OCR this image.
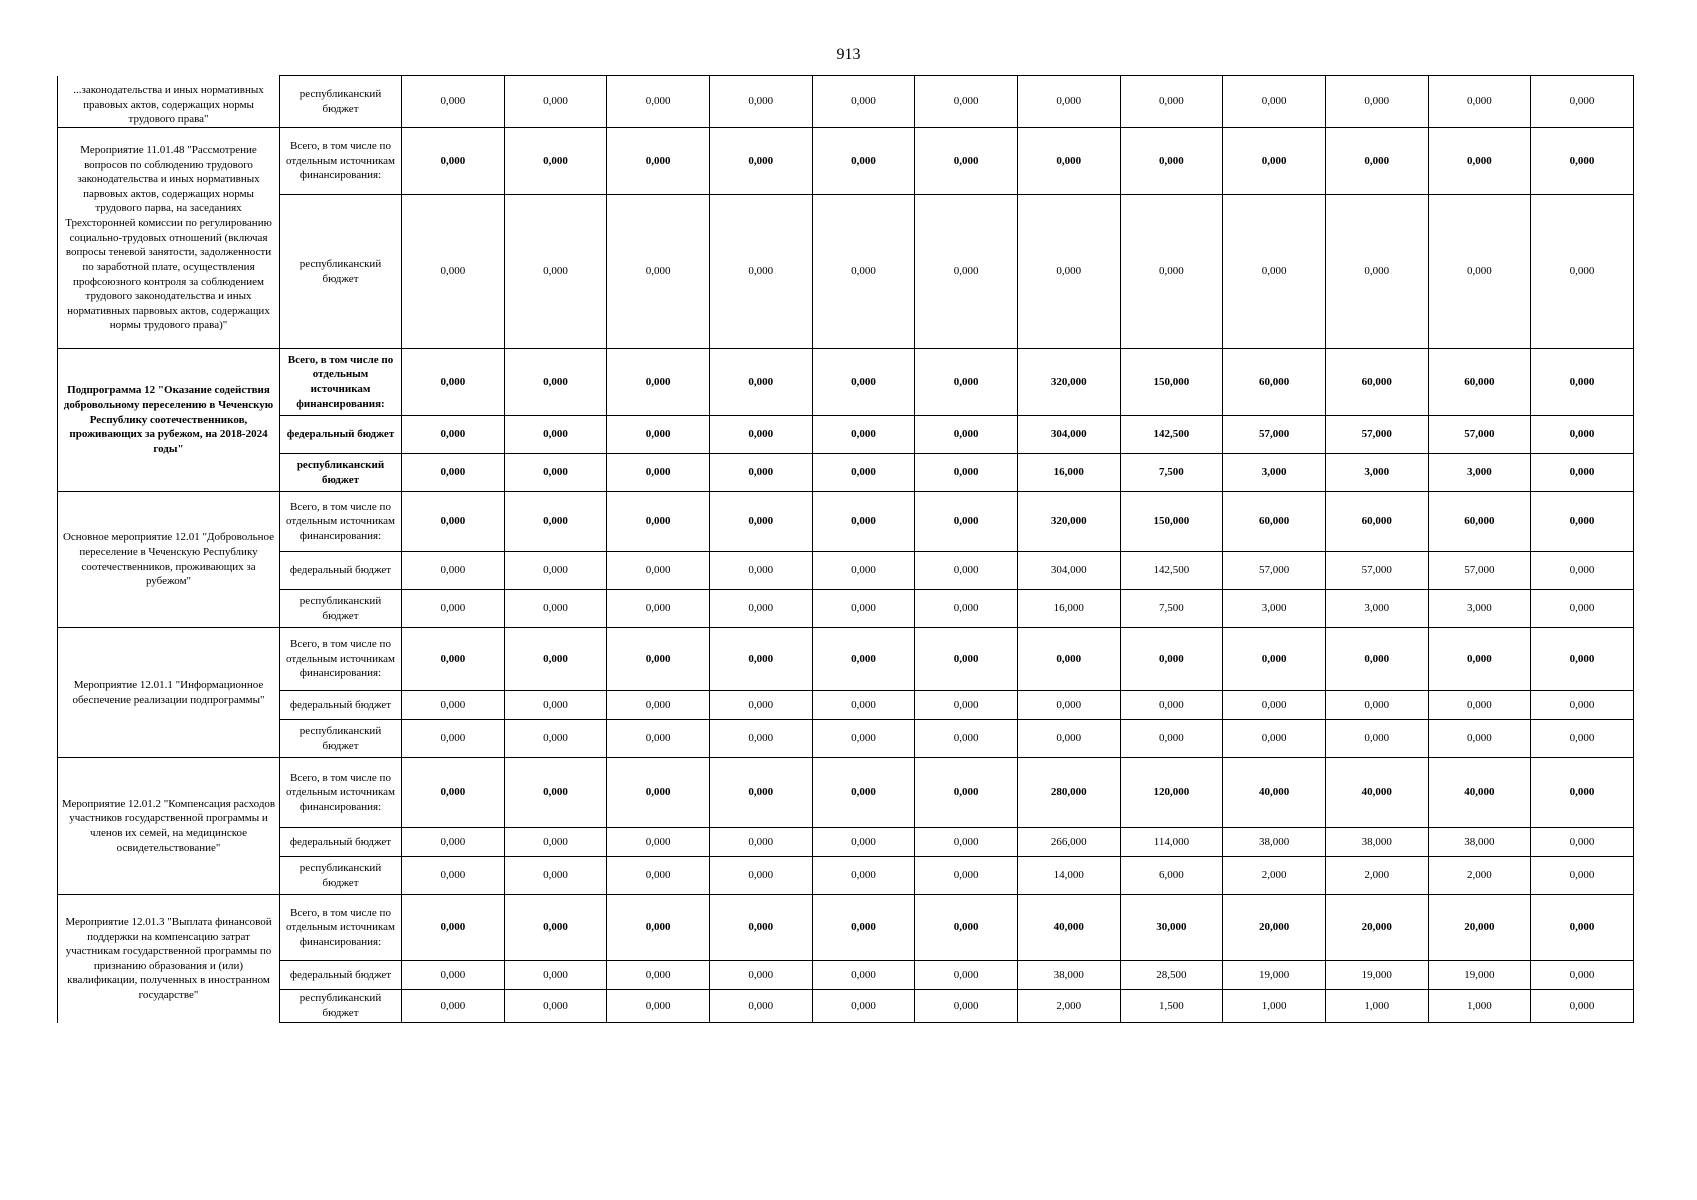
913
...законодательства и иных нормативных правовых актов, содержащих нормы трудового права"	республиканский бюджет	0,000	0,000	0,000	0,000	0,000	0,000	0,000	0,000	0,000	0,000	0,000	0,000
Мероприятие 11.01.48 "Рассмотрение вопросов по соблюдению трудового законодательства и иных нормативных парвовых актов, содержащих нормы трудового парва, на заседаниях Трехсторонней комиссии по регулированию социально-трудовых отношений (включая вопросы теневой занятости, задолженности по заработной плате, осуществления профсоюзного контроля за соблюдением трудового законодательства и иных нормативных парвовых актов, содержащих нормы трудового права)"	Всего, в том числе по отдельным источникам финансирования:	0,000	0,000	0,000	0,000	0,000	0,000	0,000	0,000	0,000	0,000	0,000	0,000
	республиканский бюджет	0,000	0,000	0,000	0,000	0,000	0,000	0,000	0,000	0,000	0,000	0,000	0,000
Подпрограмма 12 "Оказание содействия добровольному переселению в Чеченскую Республику соотечественников, проживающих за рубежом, на 2018-2024 годы"	Всего, в том числе по отдельным источникам финансирования:	0,000	0,000	0,000	0,000	0,000	0,000	320,000	150,000	60,000	60,000	60,000	0,000
	федеральный бюджет	0,000	0,000	0,000	0,000	0,000	0,000	304,000	142,500	57,000	57,000	57,000	0,000
	республиканский бюджет	0,000	0,000	0,000	0,000	0,000	0,000	16,000	7,500	3,000	3,000	3,000	0,000
Основное мероприятие 12.01 "Добровольное переселение в Чеченскую Республику соотечественников, проживающих за рубежом"	Всего, в том числе по отдельным источникам финансирования:	0,000	0,000	0,000	0,000	0,000	0,000	320,000	150,000	60,000	60,000	60,000	0,000
	федеральный бюджет	0,000	0,000	0,000	0,000	0,000	0,000	304,000	142,500	57,000	57,000	57,000	0,000
	республиканский бюджет	0,000	0,000	0,000	0,000	0,000	0,000	16,000	7,500	3,000	3,000	3,000	0,000
Мероприятие 12.01.1 "Информационное обеспечение реализации подпрограммы"	Всего, в том числе по отдельным источникам финансирования:	0,000	0,000	0,000	0,000	0,000	0,000	0,000	0,000	0,000	0,000	0,000	0,000
	федеральный бюджет	0,000	0,000	0,000	0,000	0,000	0,000	0,000	0,000	0,000	0,000	0,000	0,000
	республиканский бюджет	0,000	0,000	0,000	0,000	0,000	0,000	0,000	0,000	0,000	0,000	0,000	0,000
Мероприятие 12.01.2 "Компенсация расходов участников государственной программы и членов их семей, на медицинское освидетельствование"	Всего, в том числе по отдельным источникам финансирования:	0,000	0,000	0,000	0,000	0,000	0,000	280,000	120,000	40,000	40,000	40,000	0,000
	федеральный бюджет	0,000	0,000	0,000	0,000	0,000	0,000	266,000	114,000	38,000	38,000	38,000	0,000
	республиканский бюджет	0,000	0,000	0,000	0,000	0,000	0,000	14,000	6,000	2,000	2,000	2,000	0,000
Мероприятие 12.01.3 "Выплата финансовой поддержки на компенсацию затрат участникам государственной программы по признанию образования и (или) квалификации, полученных в иностранном государстве"	Всего, в том числе по отдельным источникам финансирования:	0,000	0,000	0,000	0,000	0,000	0,000	40,000	30,000	20,000	20,000	20,000	0,000
	федеральный бюджет	0,000	0,000	0,000	0,000	0,000	0,000	38,000	28,500	19,000	19,000	19,000	0,000
	республиканский бюджет	0,000	0,000	0,000	0,000	0,000	0,000	2,000	1,500	1,000	1,000	1,000	0,000
